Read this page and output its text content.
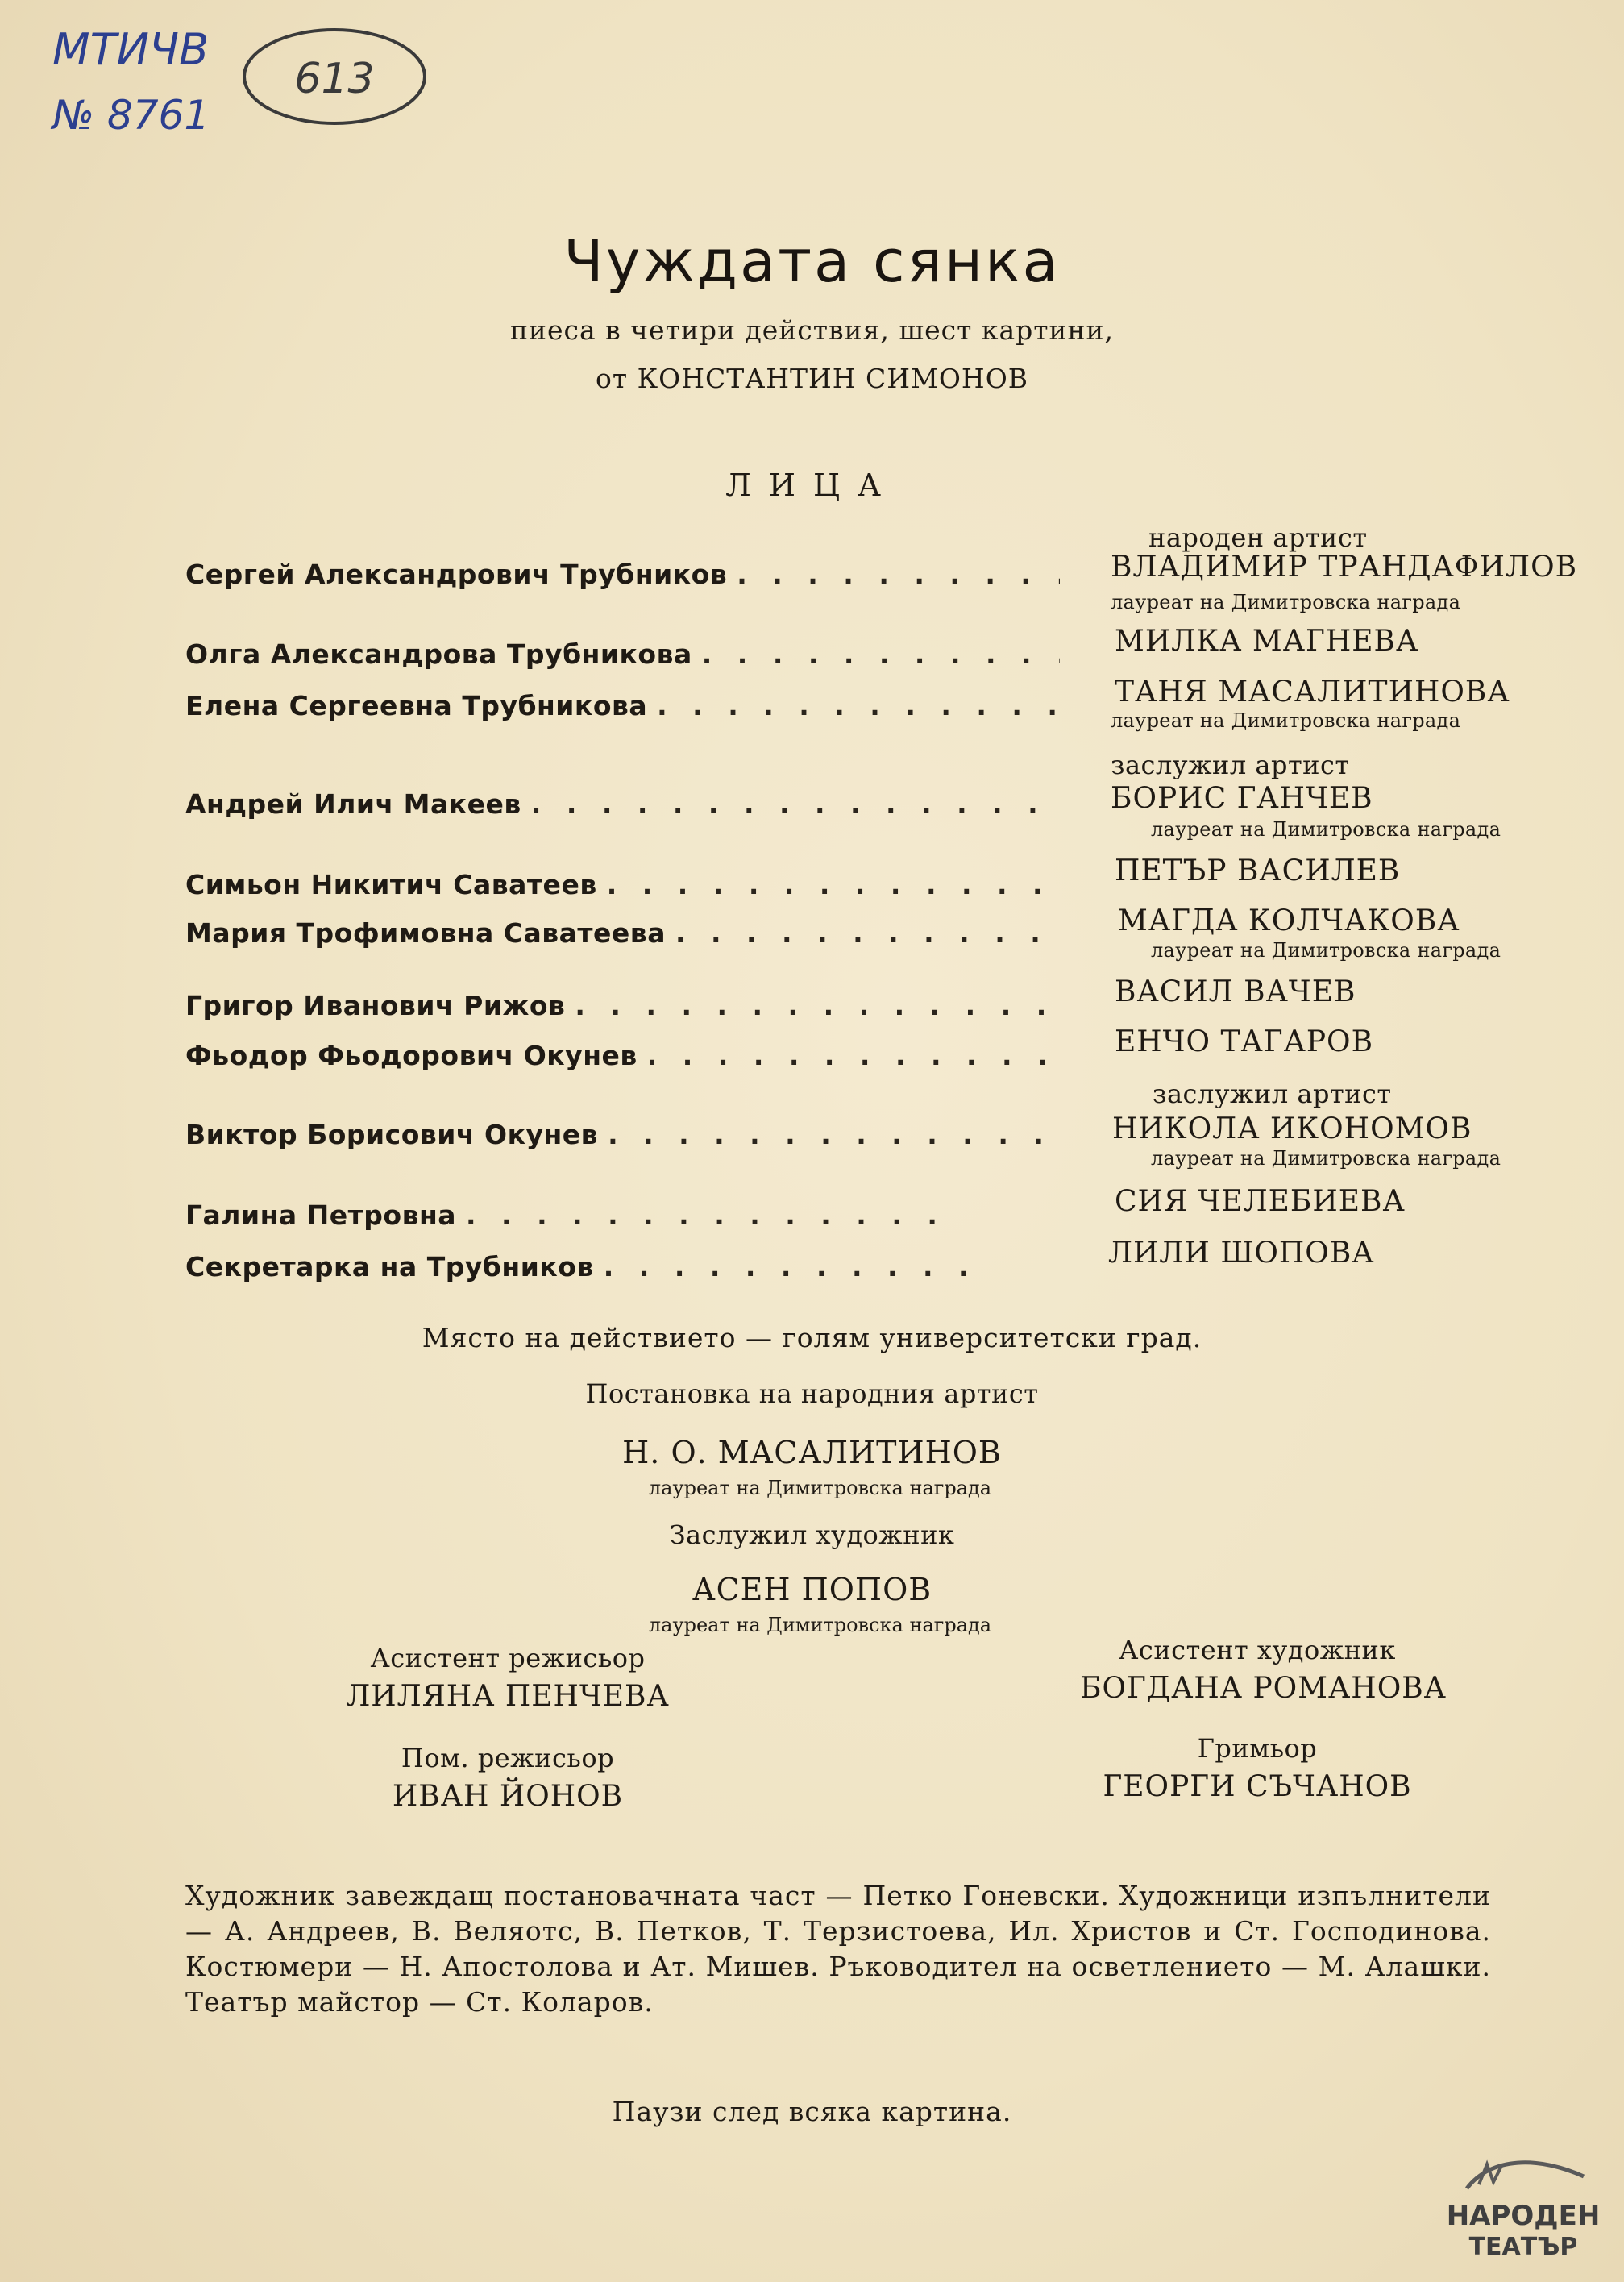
МТИЧВ
№ 8761
613
Чуждата сянка
пиеса в четири действия, шест картини,
от КОНСТАНТИН СИМОНОВ
ЛИЦА
народен артист
Сергей Александрович Трубников . . .	ВЛАДИМИР ТРАНДАФИЛОВ
лауреат на Димитровска награда
Олга Александрова Трубникова . . .	МИЛКА МАГНЕВА
Елена Сергеевна Трубникова . . .	ТАНЯ МАСАЛИТИНОВА
лауреат на Димитровска награда
заслужил артист
Андрей Илич Макеев . . .	БОРИС ГАНЧЕВ
лауреат на Димитровска награда
Симьон Никитич Саватеев . . .	ПЕТЪР ВАСИЛЕВ
Мария Трофимовна Саватеева . . .	МАГДА КОЛЧАКОВА
лауреат на Димитровска награда
Григор Иванович Рижов . . .	ВАСИЛ ВАЧЕВ
Фьодор Фьодорович Окунев . . .	ЕНЧО ТАГАРОВ
заслужил артист
Виктор Борисович Окунев . . .	НИКОЛА ИКОНОМОВ
лауреат на Димитровска награда
Галина Петровна . . .	СИЯ ЧЕЛЕБИЕВА
Секретарка на Трубников . . .	ЛИЛИ ШОПОВА
Място на действието — голям университетски град.
Постановка на народния артист
Н. О. МАСАЛИТИНОВ
лауреат на Димитровска награда
Заслужил художник
АСЕН ПОПОВ
лауреат на Димитровска награда
Асистент режисьор
ЛИЛЯНА ПЕНЧЕВА
Асистент художник
БОГДАНА РОМАНОВА
Пом. режисьор
ИВАН ЙОНОВ
Гримьор
ГЕОРГИ СЪЧАНОВ
Художник завеждащ постановачната част — Петко Гоневски. Художници изпълнители — А. Андреев, В. Веляотс, В. Петков, Т. Терзистоева, Ил. Христов и Ст. Господинова. Костюмери — Н. Апостолова и Ат. Мишев. Ръководител на осветлението — М. Алашки. Театър майстор — Ст. Коларов.
Паузи след всяка картина.
НАРОДЕН
ТЕАТЪР
